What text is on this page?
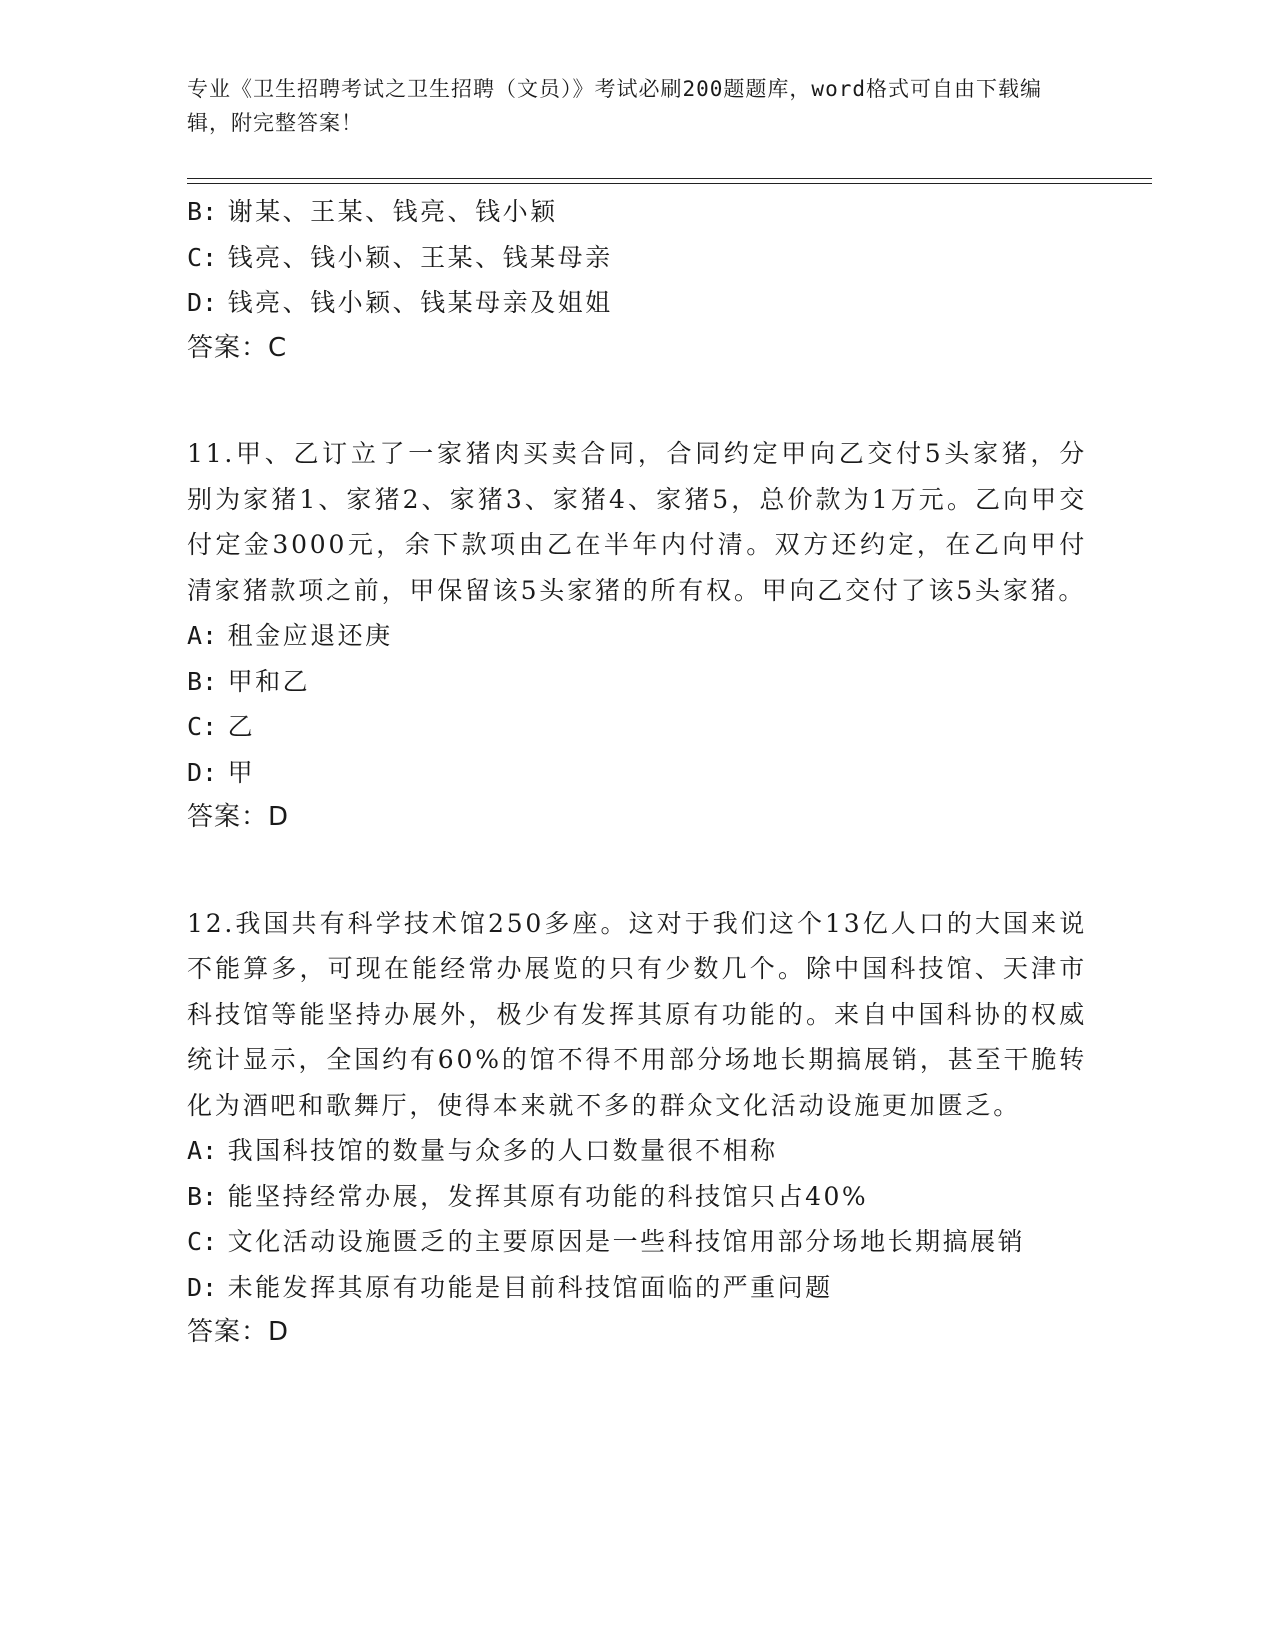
专业《卫生招聘考试之卫生招聘（文员）》考试必刷200题题库，word格式可自由下载编辑，附完整答案！
B: 谢某、王某、钱亮、钱小颖
C: 钱亮、钱小颖、王某、钱某母亲
D: 钱亮、钱小颖、钱某母亲及姐姐
答案：C
11.甲、乙订立了一家猪肉买卖合同，合同约定甲向乙交付5头家猪，分别为家猪1、家猪2、家猪3、家猪4、家猪5，总价款为1万元。乙向甲交付定金3000元，余下款项由乙在半年内付清。双方还约定，在乙向甲付清家猪款项之前，甲保留该5头家猪的所有权。甲向乙交付了该5头家猪。
A: 租金应退还庚
B: 甲和乙
C: 乙
D: 甲
答案：D
12.我国共有科学技术馆250多座。这对于我们这个13亿人口的大国来说不能算多，可现在能经常办展览的只有少数几个。除中国科技馆、天津市科技馆等能坚持办展外，极少有发挥其原有功能的。来自中国科协的权威统计显示，全国约有60%的馆不得不用部分场地长期搞展销，甚至干脆转化为酒吧和歌舞厅，使得本来就不多的群众文化活动设施更加匮乏。
A: 我国科技馆的数量与众多的人口数量很不相称
B: 能坚持经常办展，发挥其原有功能的科技馆只占40%
C: 文化活动设施匮乏的主要原因是一些科技馆用部分场地长期搞展销
D: 未能发挥其原有功能是目前科技馆面临的严重问题
答案：D
